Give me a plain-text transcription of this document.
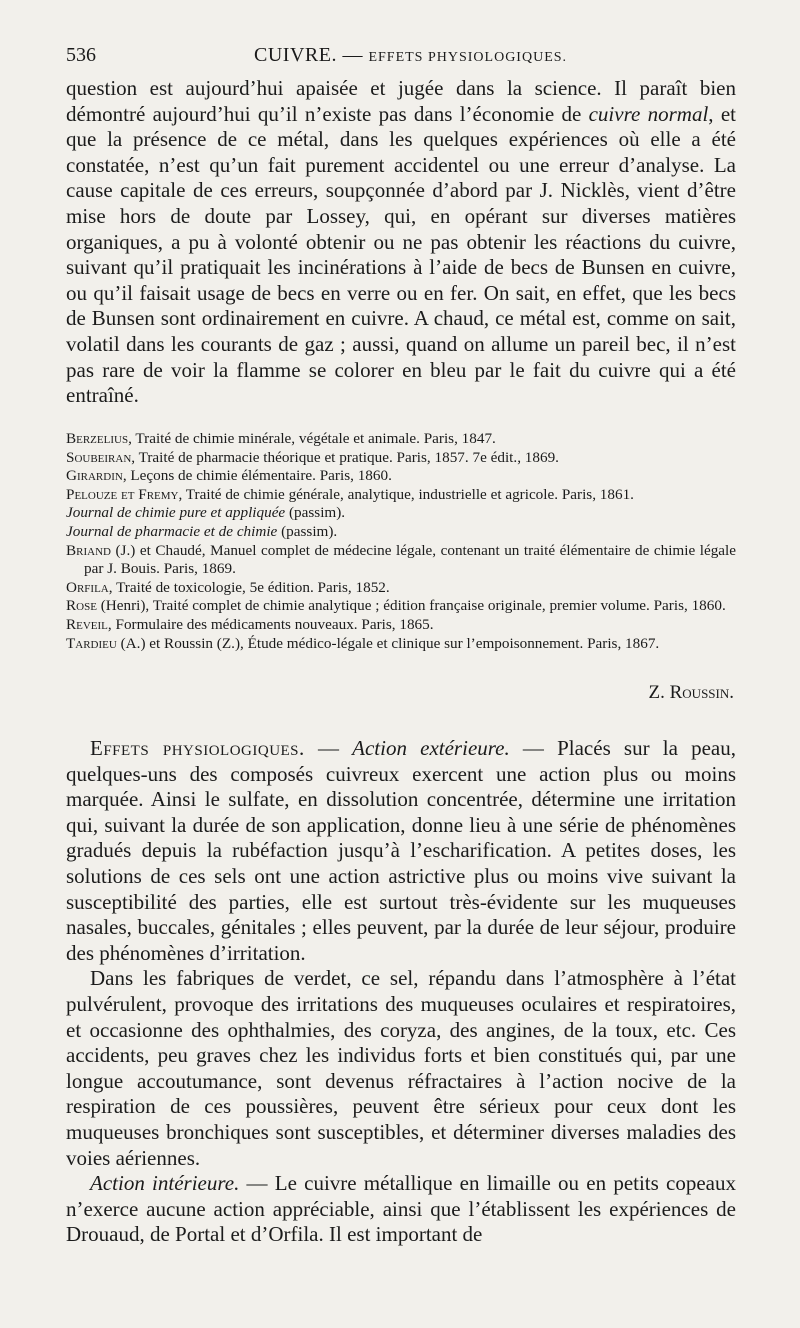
536	CUIVRE. — EFFETS PHYSIOLOGIQUES.

question est aujourd’hui apaisée et jugée dans la science. Il paraît bien démontré aujourd’hui qu’il n’existe pas dans l’économie de cuivre normal, et que la présence de ce métal, dans les quelques expériences où elle a été constatée, n’est qu’un fait purement accidentel ou une erreur d’analyse. La cause capitale de ces erreurs, soupçonnée d’abord par J. Nicklès, vient d’être mise hors de doute par Lossey, qui, en opérant sur diverses matières organiques, a pu à volonté obtenir ou ne pas obtenir les réactions du cuivre, suivant qu’il pratiquait les incinérations à l’aide de becs de Bunsen en cuivre, ou qu’il faisait usage de becs en verre ou en fer. On sait, en effet, que les becs de Bunsen sont ordinairement en cuivre. A chaud, ce métal est, comme on sait, volatil dans les courants de gaz ; aussi, quand on allume un pareil bec, il n’est pas rare de voir la flamme se colorer en bleu par le fait du cuivre qui a été entraîné.

Berzelius, Traité de chimie minérale, végétale et animale. Paris, 1847.
Soubeiran, Traité de pharmacie théorique et pratique. Paris, 1857. 7e édit., 1869.
Girardin, Leçons de chimie élémentaire. Paris, 1860.
Pelouze et Fremy, Traité de chimie générale, analytique, industrielle et agricole. Paris, 1861.
Journal de chimie pure et appliquée (passim).
Journal de pharmacie et de chimie (passim).
Briand (J.) et Chaudé, Manuel complet de médecine légale, contenant un traité élémentaire de chimie légale par J. Bouis. Paris, 1869.
Orfila, Traité de toxicologie, 5e édition. Paris, 1852.
Rose (Henri), Traité complet de chimie analytique ; édition française originale, premier volume. Paris, 1860.
Reveil, Formulaire des médicaments nouveaux. Paris, 1865.
Tardieu (A.) et Roussin (Z.), Étude médico-légale et clinique sur l’empoisonnement. Paris, 1867.
Z. Roussin.

Effets physiologiques. — Action extérieure. — Placés sur la peau, quelques-uns des composés cuivreux exercent une action plus ou moins marquée. Ainsi le sulfate, en dissolution concentrée, détermine une irritation qui, suivant la durée de son application, donne lieu à une série de phénomènes gradués depuis la rubéfaction jusqu’à l’escharification. A petites doses, les solutions de ces sels ont une action astrictive plus ou moins vive suivant la susceptibilité des parties, elle est surtout très-évidente sur les muqueuses nasales, buccales, génitales ; elles peuvent, par la durée de leur séjour, produire des phénomènes d’irritation.

Dans les fabriques de verdet, ce sel, répandu dans l’atmosphère à l’état pulvérulent, provoque des irritations des muqueuses oculaires et respiratoires, et occasionne des ophthalmies, des coryza, des angines, de la toux, etc. Ces accidents, peu graves chez les individus forts et bien constitués qui, par une longue accoutumance, sont devenus réfractaires à l’action nocive de la respiration de ces poussières, peuvent être sérieux pour ceux dont les muqueuses bronchiques sont susceptibles, et déterminer diverses maladies des voies aériennes.

Action intérieure. — Le cuivre métallique en limaille ou en petits copeaux n’exerce aucune action appréciable, ainsi que l’établissent les expériences de Drouaud, de Portal et d’Orfila. Il est important de
